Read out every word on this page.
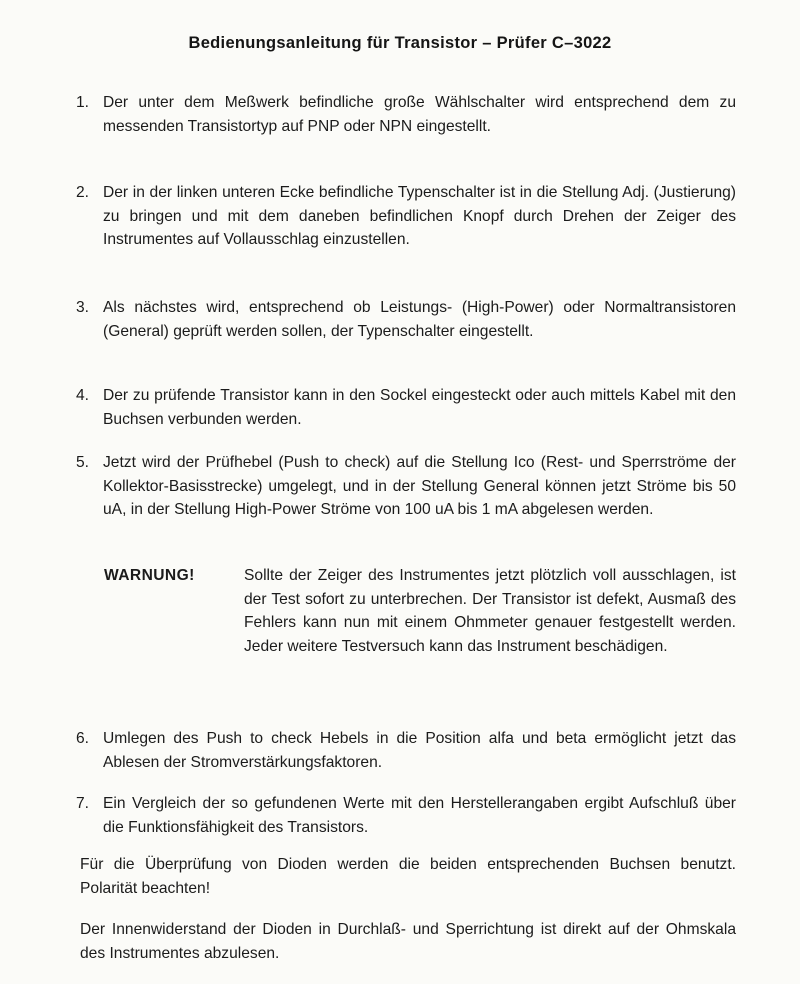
Bedienungsanleitung für Transistor – Prüfer C–3022
1. Der unter dem Meßwerk befindliche große Wählschalter wird entsprechend dem zu messenden Transistortyp auf PNP oder NPN eingestellt.
2. Der in der linken unteren Ecke befindliche Typenschalter ist in die Stellung Adj. (Justierung) zu bringen und mit dem daneben befindlichen Knopf durch Drehen der Zeiger des Instrumentes auf Vollausschlag einzustellen.
3. Als nächstes wird, entsprechend ob Leistungs- (High-Power) oder Normaltransistoren (General) geprüft werden sollen, der Typenschalter eingestellt.
4. Der zu prüfende Transistor kann in den Sockel eingesteckt oder auch mittels Kabel mit den Buchsen verbunden werden.
5. Jetzt wird der Prüfhebel (Push to check) auf die Stellung Ico (Rest- und Sperrströme der Kollektor-Basisstrecke) umgelegt, und in der Stellung General können jetzt Ströme bis 50 uA, in der Stellung High-Power Ströme von 100 uA bis 1 mA abgelesen werden.
WARNUNG!	Sollte der Zeiger des Instrumentes jetzt plötzlich voll ausschlagen, ist der Test sofort zu unterbrechen. Der Transistor ist defekt, Ausmaß des Fehlers kann nun mit einem Ohmmeter genauer festgestellt werden. Jeder weitere Testversuch kann das Instrument beschädigen.
6. Umlegen des Push to check Hebels in die Position alfa und beta ermöglicht jetzt das Ablesen der Stromverstärkungsfaktoren.
7. Ein Vergleich der so gefundenen Werte mit den Herstellerangaben ergibt Aufschluß über die Funktionsfähigkeit des Transistors.
Für die Überprüfung von Dioden werden die beiden entsprechenden Buchsen benutzt. Polarität beachten!
Der Innenwiderstand der Dioden in Durchlaß- und Sperrichtung ist direkt auf der Ohmskala des Instrumentes abzulesen.
